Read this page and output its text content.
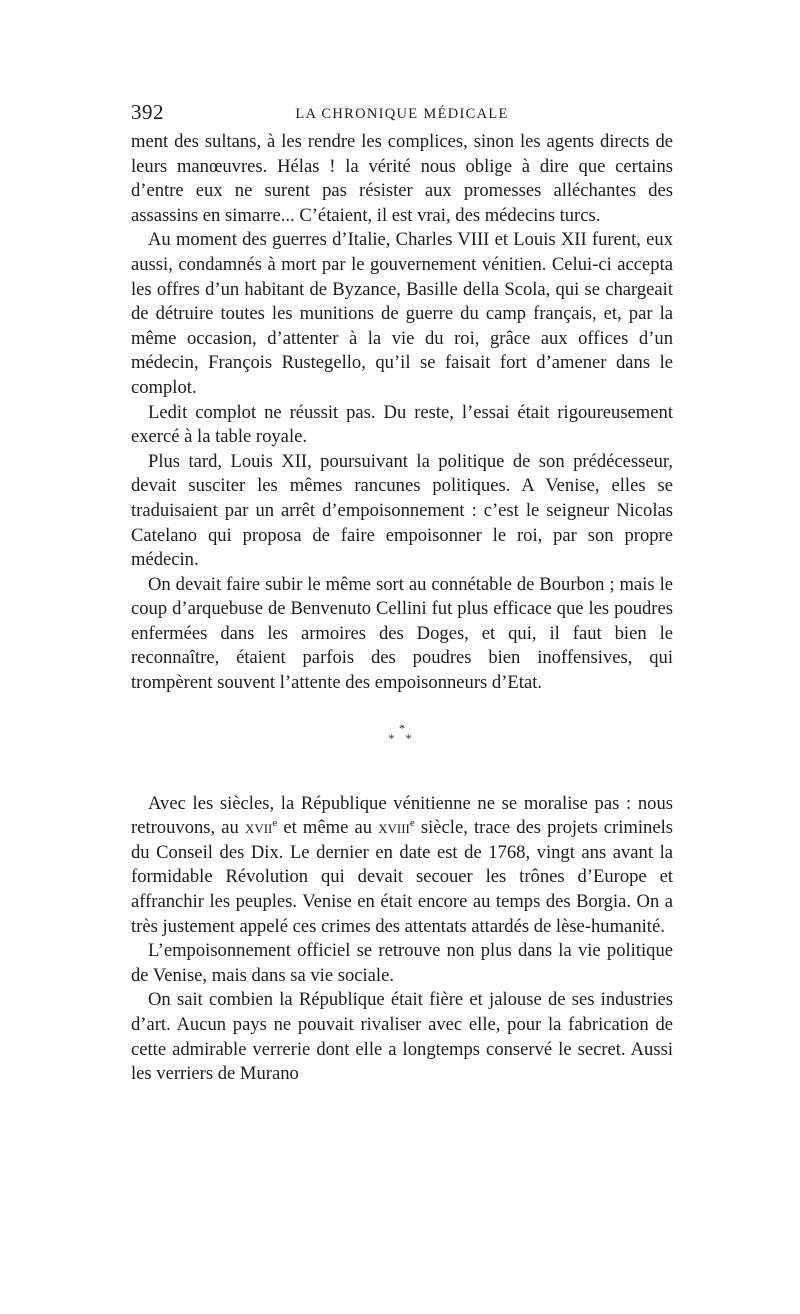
392	LA CHRONIQUE MÉDICALE

ment des sultans, à les rendre les complices, sinon les agents directs de leurs manœuvres. Hélas ! la vérité nous oblige à dire que certains d’entre eux ne surent pas résister aux promesses alléchantes des assassins en simarre... C’étaient, il est vrai, des médecins turcs.

Au moment des guerres d’Italie, Charles VIII et Louis XII furent, eux aussi, condamnés à mort par le gouvernement vénitien. Celui-ci accepta les offres d’un habitant de Byzance, Basille della Scola, qui se chargeait de détruire toutes les munitions de guerre du camp français, et, par la même occasion, d’attenter à la vie du roi, grâce aux offices d’un médecin, François Rustegello, qu’il se faisait fort d’amener dans le complot.

Ledit complot ne réussit pas. Du reste, l’essai était rigoureusement exercé à la table royale.

Plus tard, Louis XII, poursuivant la politique de son prédécesseur, devait susciter les mêmes rancunes politiques. A Venise, elles se traduisaient par un arrêt d’empoisonnement : c’est le seigneur Nicolas Catelano qui proposa de faire empoisonner le roi, par son propre médecin.

On devait faire subir le même sort au connétable de Bourbon ; mais le coup d’arquebuse de Benvenuto Cellini fut plus efficace que les poudres enfermées dans les armoires des Doges, et qui, il faut bien le reconnaître, étaient parfois des poudres bien inoffensives, qui trompèrent souvent l’attente des empoisonneurs d’Etat.

*
* *

Avec les siècles, la République vénitienne ne se moralise pas : nous retrouvons, au xvii$^e$ et même au xviii$^e$ siècle, trace des projets criminels du Conseil des Dix. Le dernier en date est de 1768, vingt ans avant la formidable Révolution qui devait secouer les trônes d’Europe et affranchir les peuples. Venise en était encore au temps des Borgia. On a très justement appelé ces crimes des attentats attardés de lèse-humanité.

L’empoisonnement officiel se retrouve non plus dans la vie politique de Venise, mais dans sa vie sociale.

On sait combien la République était fière et jalouse de ses industries d’art. Aucun pays ne pouvait rivaliser avec elle, pour la fabrication de cette admirable verrerie dont elle a longtemps conservé le secret. Aussi les verriers de Murano
